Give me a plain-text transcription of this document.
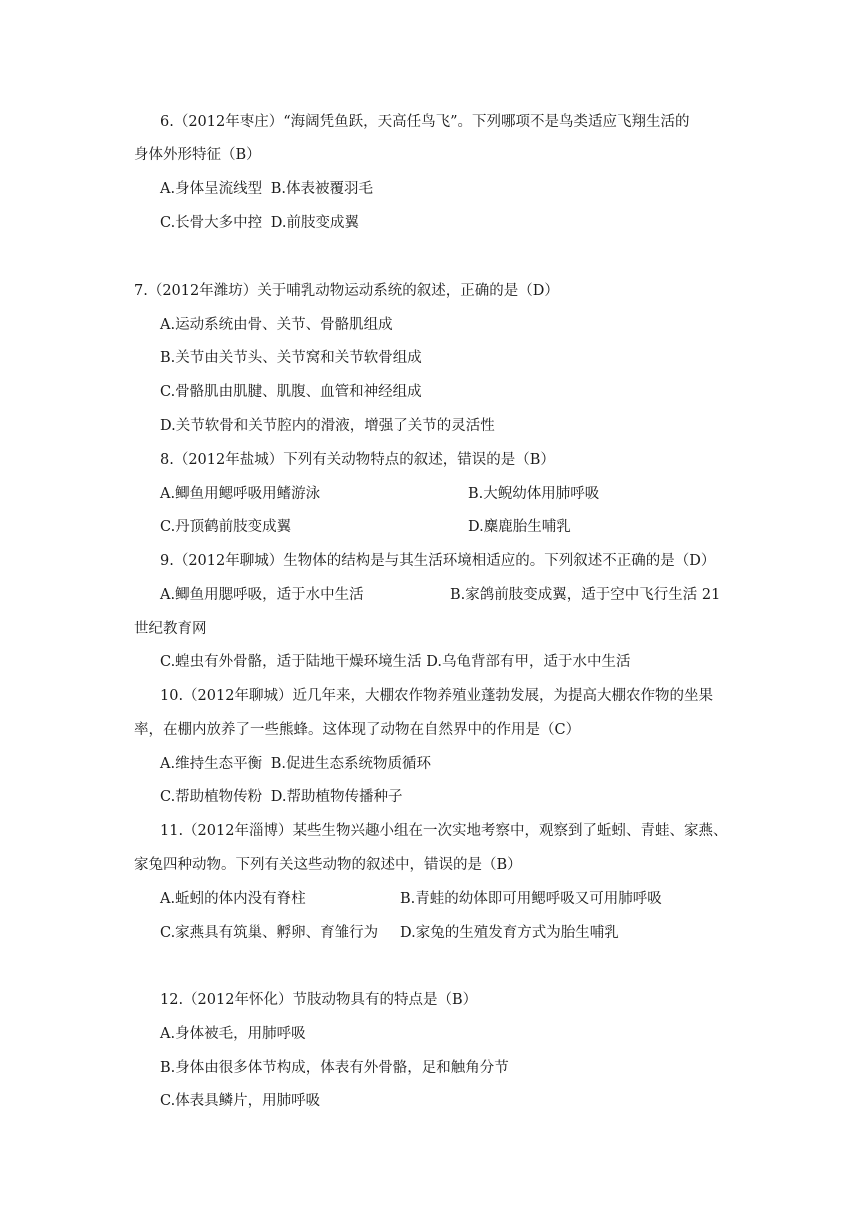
6.（2012年枣庄）“海阔凭鱼跃，天高任鸟飞”。下列哪项不是鸟类适应飞翔生活的
身体外形特征（B）
A.身体呈流线型 B.体表被覆羽毛
C.长骨大多中控 D.前肢变成翼
7.（2012年潍坊）关于哺乳动物运动系统的叙述，正确的是（D）
A.运动系统由骨、关节、骨骼肌组成
B.关节由关节头、关节窝和关节软骨组成
C.骨骼肌由肌腱、肌腹、血管和神经组成
D.关节软骨和关节腔内的滑液，增强了关节的灵活性
8.（2012年盐城）下列有关动物特点的叙述，错误的是（B）
A.鲫鱼用鳃呼吸用鳍游泳	B.大鲵幼体用肺呼吸
C.丹顶鹤前肢变成翼	D.麋鹿胎生哺乳
9.（2012年聊城）生物体的结构是与其生活环境相适应的。下列叙述不正确的是（D）
A.鲫鱼用腮呼吸，适于水中生活	B.家鸽前肢变成翼，适于空中飞行生活 21
世纪教育网
C.蝗虫有外骨骼，适于陆地干燥环境生活 D.乌龟背部有甲，适于水中生活
10.（2012年聊城）近几年来，大棚农作物养殖业蓬勃发展，为提高大棚农作物的坐果
率，在棚内放养了一些熊蜂。这体现了动物在自然界中的作用是（C）
A.维持生态平衡 B.促进生态系统物质循环
C.帮助植物传粉 D.帮助植物传播种子
11.（2012年淄博）某些生物兴趣小组在一次实地考察中，观察到了蚯蚓、青蛙、家燕、
家兔四种动物。下列有关这些动物的叙述中，错误的是（B）
A.蚯蚓的体内没有脊柱	B.青蛙的幼体即可用鳃呼吸又可用肺呼吸
C.家燕具有筑巢、孵卵、育雏行为 D.家兔的生殖发育方式为胎生哺乳
12.（2012年怀化）节肢动物具有的特点是（B）
A.身体被毛，用肺呼吸
B.身体由很多体节构成，体表有外骨骼，足和触角分节
C.体表具鳞片，用肺呼吸
